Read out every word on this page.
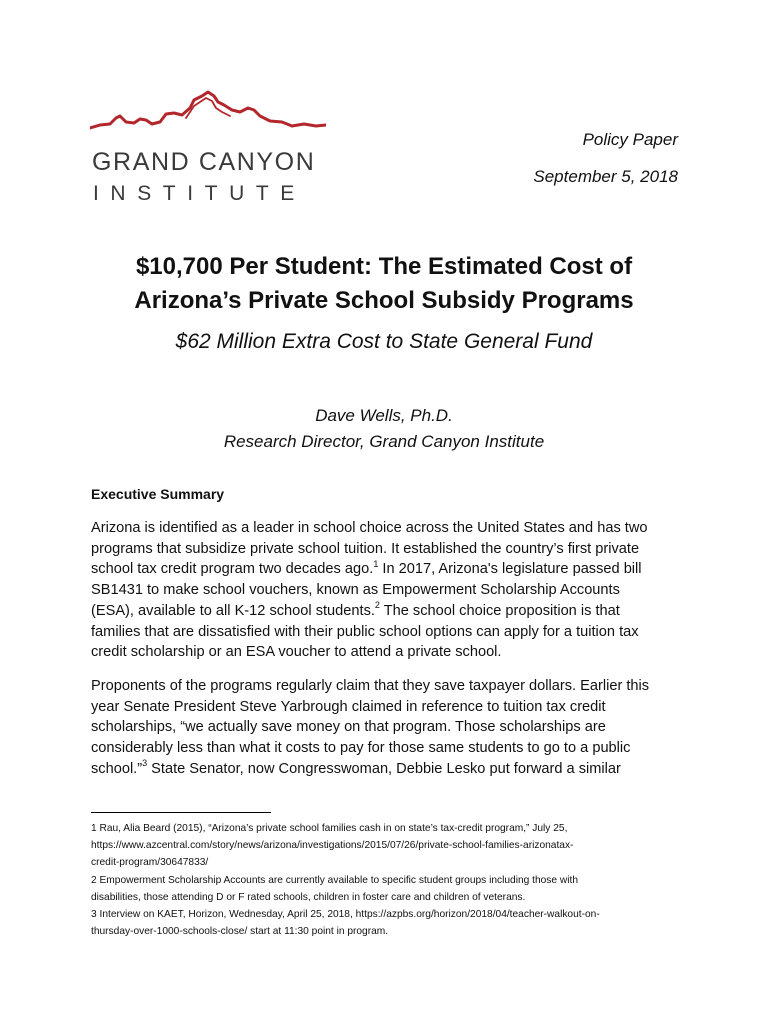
GRAND CANYON
INSTITUTE
Policy Paper
September 5, 2018
$10,700 Per Student: The Estimated Cost of
Arizona’s Private School Subsidy Programs
$62 Million Extra Cost to State General Fund
Dave Wells, Ph.D.
Research Director, Grand Canyon Institute
Executive Summary
Arizona is identified as a leader in school choice across the United States and has two
programs that subsidize private school tuition. It established the country’s first private
school tax credit program two decades ago.$^1$ In 2017, Arizona's legislature passed bill
SB1431 to make school vouchers, known as Empowerment Scholarship Accounts
(ESA), available to all K-12 school students.$^2$ The school choice proposition is that
families that are dissatisfied with their public school options can apply for a tuition tax
credit scholarship or an ESA voucher to attend a private school.
Proponents of the programs regularly claim that they save taxpayer dollars. Earlier this
year Senate President Steve Yarbrough claimed in reference to tuition tax credit
scholarships, “we actually save money on that program. Those scholarships are
considerably less than what it costs to pay for those same students to go to a public
school.”$^3$ State Senator, now Congresswoman, Debbie Lesko put forward a similar
1 Rau, Alia Beard (2015), “Arizona’s private school families cash in on state’s tax-credit program,” July 25,
https://www.azcentral.com/story/news/arizona/investigations/2015/07/26/private-school-families-arizonatax-
credit-program/30647833/
2 Empowerment Scholarship Accounts are currently available to specific student groups including those with
disabilities, those attending D or F rated schools, children in foster care and children of veterans.
3 Interview on KAET, Horizon, Wednesday, April 25, 2018, https://azpbs.org/horizon/2018/04/teacher-walkout-on-
thursday-over-1000-schools-close/ start at 11:30 point in program.
